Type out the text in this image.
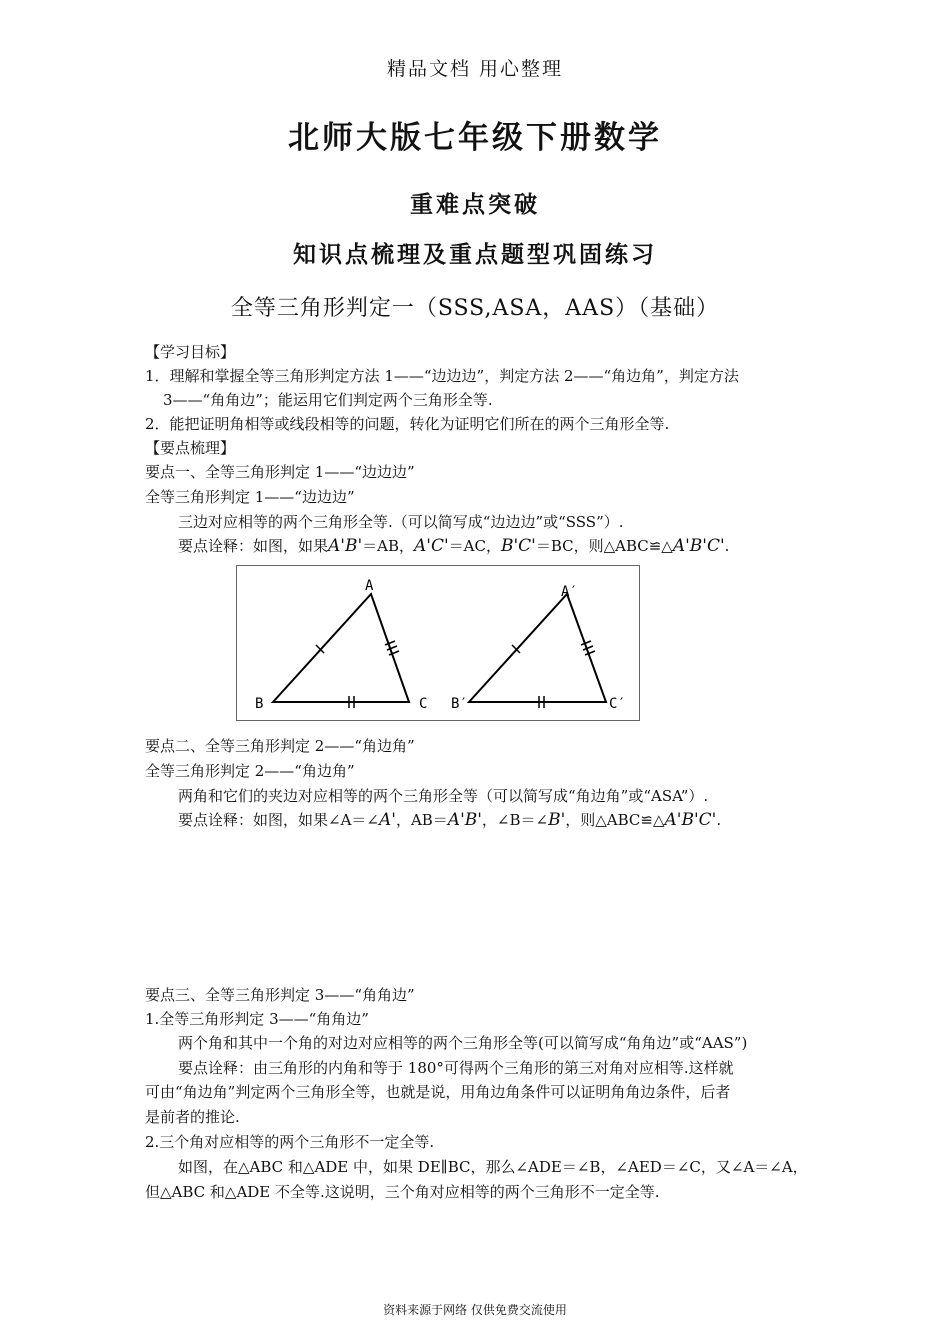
精品文档 用心整理
北师大版七年级下册数学
重难点突破
知识点梳理及重点题型巩固练习
全等三角形判定一（SSS,ASA，AAS）（基础）
【学习目标】
1．理解和掌握全等三角形判定方法 1——“边边边”，判定方法 2——“角边角”，判定方法
3——“角角边”；能运用它们判定两个三角形全等.
2．能把证明角相等或线段相等的问题，转化为证明它们所在的两个三角形全等.
【要点梳理】
要点一、全等三角形判定 1——“边边边”
全等三角形判定 1——“边边边”
三边对应相等的两个三角形全等.（可以简写成“边边边”或“SSS”）.
要点诠释：如图，如果A'B'＝AB，A'C'＝AC，B'C'＝BC，则△ABC≌△A'B'C'.
A
B	C
A′
B′	C′
要点二、全等三角形判定 2——“角边角”
全等三角形判定 2——“角边角”
两角和它们的夹边对应相等的两个三角形全等（可以简写成“角边角”或“ASA”）.
要点诠释：如图，如果∠A＝∠A'，AB＝A'B'，∠B＝∠B'，则△ABC≌△A'B'C'.
要点三、全等三角形判定 3——“角角边”
1.全等三角形判定 3——“角角边”
两个角和其中一个角的对边对应相等的两个三角形全等(可以简写成“角角边”或“AAS”)
要点诠释：由三角形的内角和等于 180°可得两个三角形的第三对角对应相等.这样就
可由“角边角”判定两个三角形全等，也就是说，用角边角条件可以证明角角边条件，后者
是前者的推论.
2.三个角对应相等的两个三角形不一定全等.
如图，在△ABC 和△ADE 中，如果 DE∥BC，那么∠ADE＝∠B，∠AED＝∠C，又∠A＝∠A，
但△ABC 和△ADE 不全等.这说明，三个角对应相等的两个三角形不一定全等.
资料来源于网络 仅供免费交流使用
